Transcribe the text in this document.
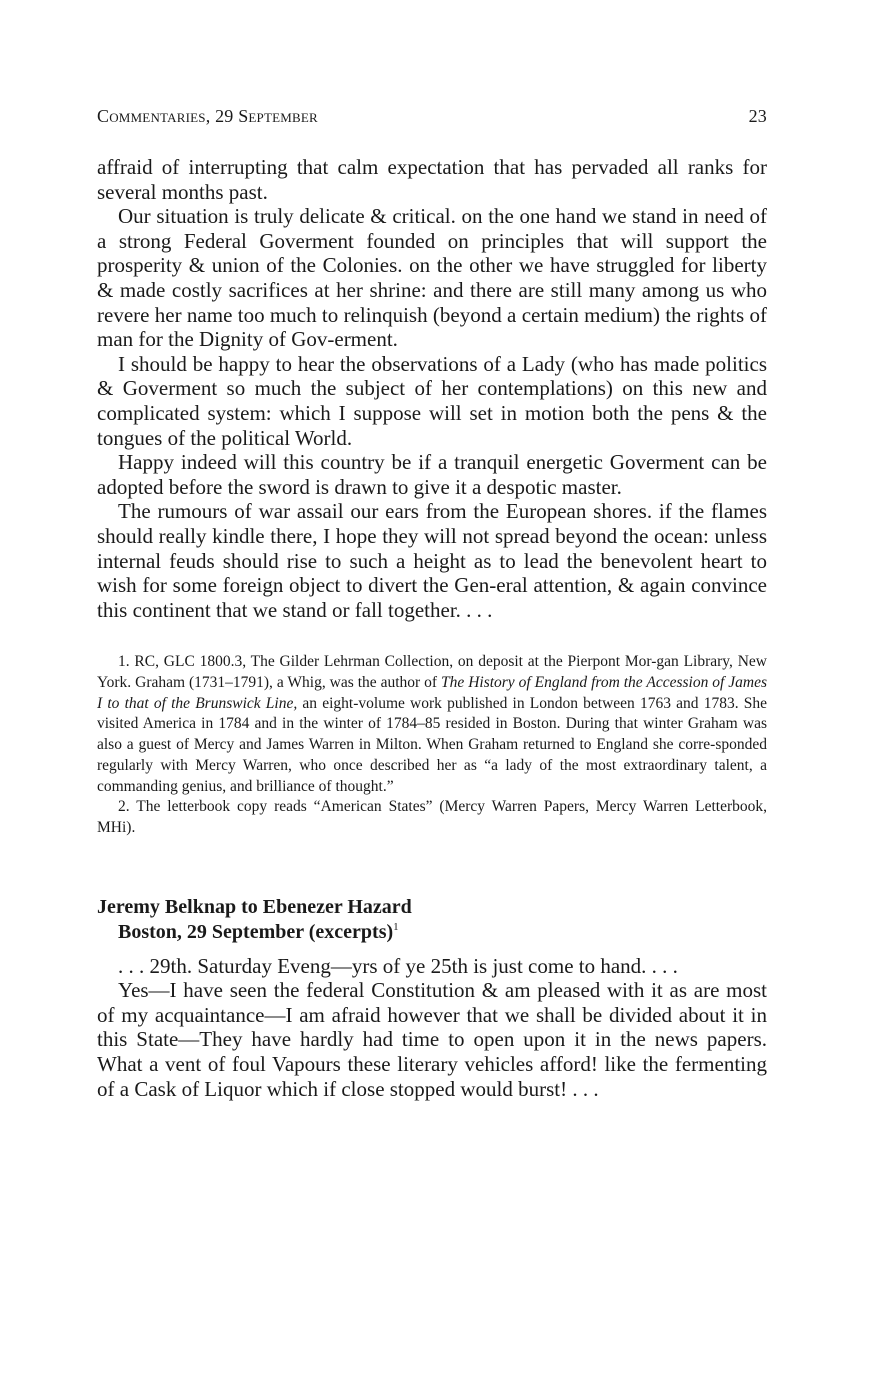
Commentaries, 29 September	23

affraid of interrupting that calm expectation that has pervaded all ranks for several months past.

Our situation is truly delicate & critical. on the one hand we stand in need of a strong Federal Goverment founded on principles that will support the prosperity & union of the Colonies. on the other we have struggled for liberty & made costly sacrifices at her shrine: and there are still many among us who revere her name too much to relinquish (beyond a certain medium) the rights of man for the Dignity of Gov-erment.

I should be happy to hear the observations of a Lady (who has made politics & Goverment so much the subject of her contemplations) on this new and complicated system: which I suppose will set in motion both the pens & the tongues of the political World.

Happy indeed will this country be if a tranquil energetic Goverment can be adopted before the sword is drawn to give it a despotic master.

The rumours of war assail our ears from the European shores. if the flames should really kindle there, I hope they will not spread beyond the ocean: unless internal feuds should rise to such a height as to lead the benevolent heart to wish for some foreign object to divert the Gen-eral attention, & again convince this continent that we stand or fall together. . . .

1. RC, GLC 1800.3, The Gilder Lehrman Collection, on deposit at the Pierpont Mor-gan Library, New York. Graham (1731–1791), a Whig, was the author of The History of England from the Accession of James I to that of the Brunswick Line, an eight-volume work published in London between 1763 and 1783. She visited America in 1784 and in the winter of 1784–85 resided in Boston. During that winter Graham was also a guest of Mercy and James Warren in Milton. When Graham returned to England she corre-sponded regularly with Mercy Warren, who once described her as “a lady of the most extraordinary talent, a commanding genius, and brilliance of thought.”

2. The letterbook copy reads “American States” (Mercy Warren Papers, Mercy Warren Letterbook, MHi).

Jeremy Belknap to Ebenezer Hazard
Boston, 29 September (excerpts)$^1$

. . . 29th. Saturday Eveng—yrs of ye 25th is just come to hand. . . .

Yes—I have seen the federal Constitution & am pleased with it as are most of my acquaintance—I am afraid however that we shall be divided about it in this State—They have hardly had time to open upon it in the news papers. What a vent of foul Vapours these literary vehicles afford! like the fermenting of a Cask of Liquor which if close stopped would burst! . . .
